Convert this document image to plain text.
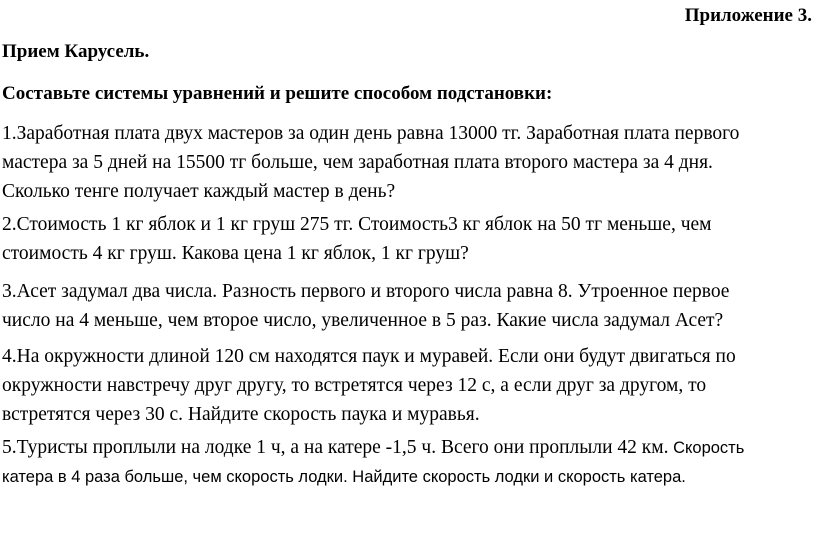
Приложение 3.
Прием Карусель.
Составьте системы уравнений и решите способом подстановки:

1.Заработная плата двух мастеров за один день равна 13000 тг. Заработная плата первого
мастера за 5 дней на 15500 тг больше, чем заработная плата второго мастера за 4 дня.
Сколько тенге получает каждый мастер в день?

2.Стоимость 1 кг яблок и 1 кг груш 275 тг. Стоимость3 кг яблок на 50 тг меньше, чем
стоимость 4 кг груш. Какова цена 1 кг яблок, 1 кг груш?

3.Асет задумал два числа. Разность первого и второго числа равна 8. Утроенное первое
число на 4 меньше, чем второе число, увеличенное в 5 раз. Какие числа задумал Асет?

4.На окружности длиной 120 см находятся паук и муравей. Если они будут двигаться по
окружности навстречу друг другу, то встретятся через 12 с, а если друг за другом, то
встретятся через 30 с. Найдите скорость паука и муравья.

5.Туристы проплыли на лодке 1 ч, а на катере -1,5 ч. Всего они проплыли 42 км. Скорость
катера в 4 раза больше, чем скорость лодки. Найдите скорость лодки и скорость катера.
